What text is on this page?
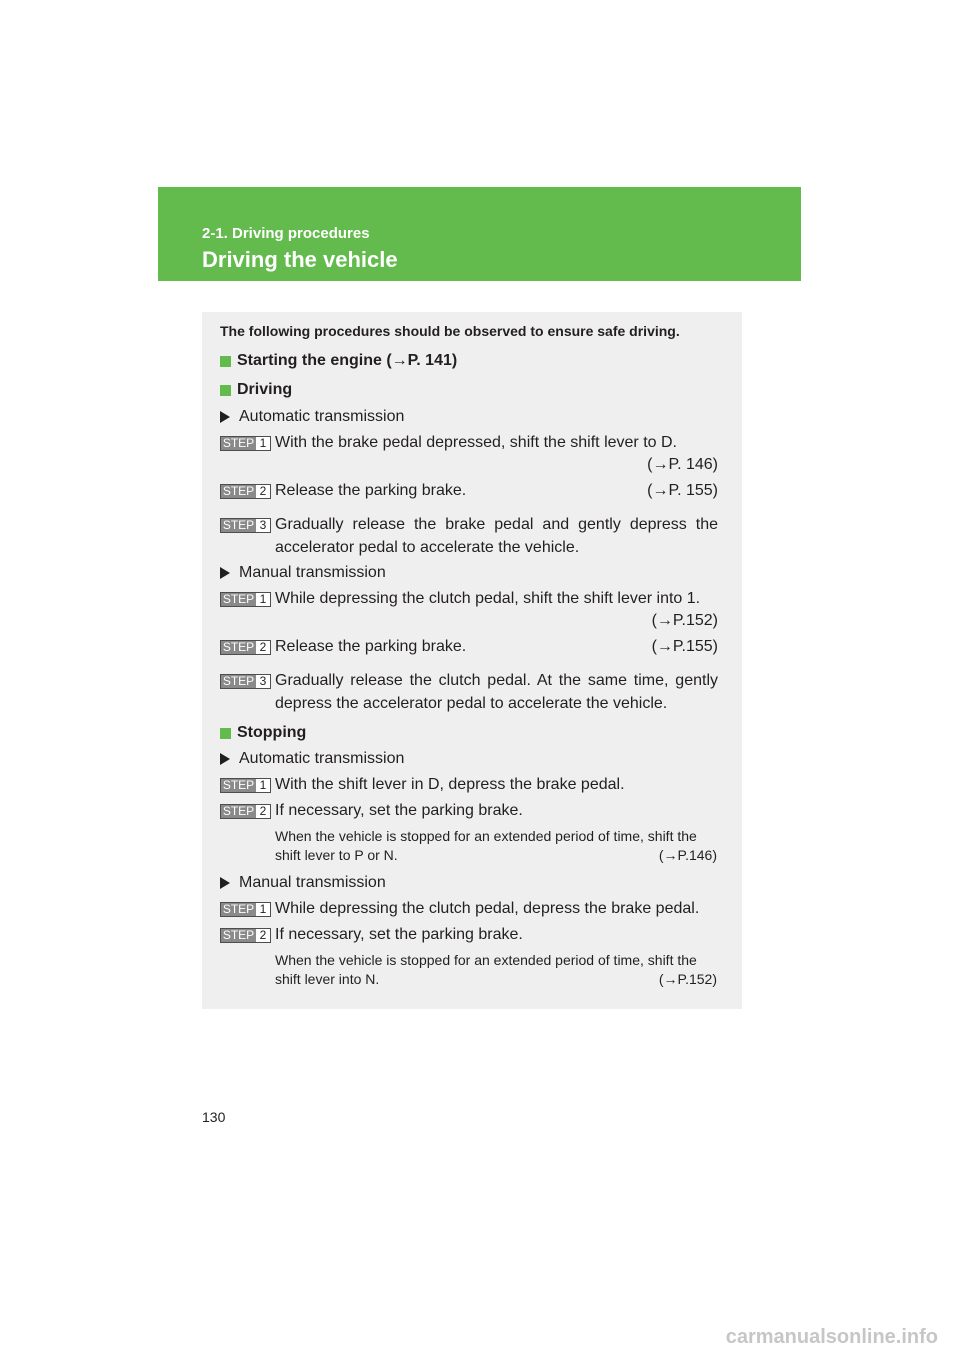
2-1. Driving procedures
Driving the vehicle
The following procedures should be observed to ensure safe driving.
Starting the engine (→P. 141)
Driving
Automatic transmission
STEP 1 With the brake pedal depressed, shift the shift lever to D.
(→P. 146)
STEP 2 Release the parking brake.	(→P. 155)
STEP 3 Gradually release the brake pedal and gently depress the
accelerator pedal to accelerate the vehicle.
Manual transmission
STEP 1 While depressing the clutch pedal, shift the shift lever into 1.
(→P.152)
STEP 2 Release the parking brake.	(→P.155)
STEP 3 Gradually release the clutch pedal. At the same time, gently
depress the accelerator pedal to accelerate the vehicle.
Stopping
Automatic transmission
STEP 1 With the shift lever in D, depress the brake pedal.
STEP 2 If necessary, set the parking brake.
When the vehicle is stopped for an extended period of time, shift the
shift lever to P or N.	(→P.146)
Manual transmission
STEP 1 While depressing the clutch pedal, depress the brake pedal.
STEP 2 If necessary, set the parking brake.
When the vehicle is stopped for an extended period of time, shift the
shift lever into N.	(→P.152)
130
carmanualsonline.info
